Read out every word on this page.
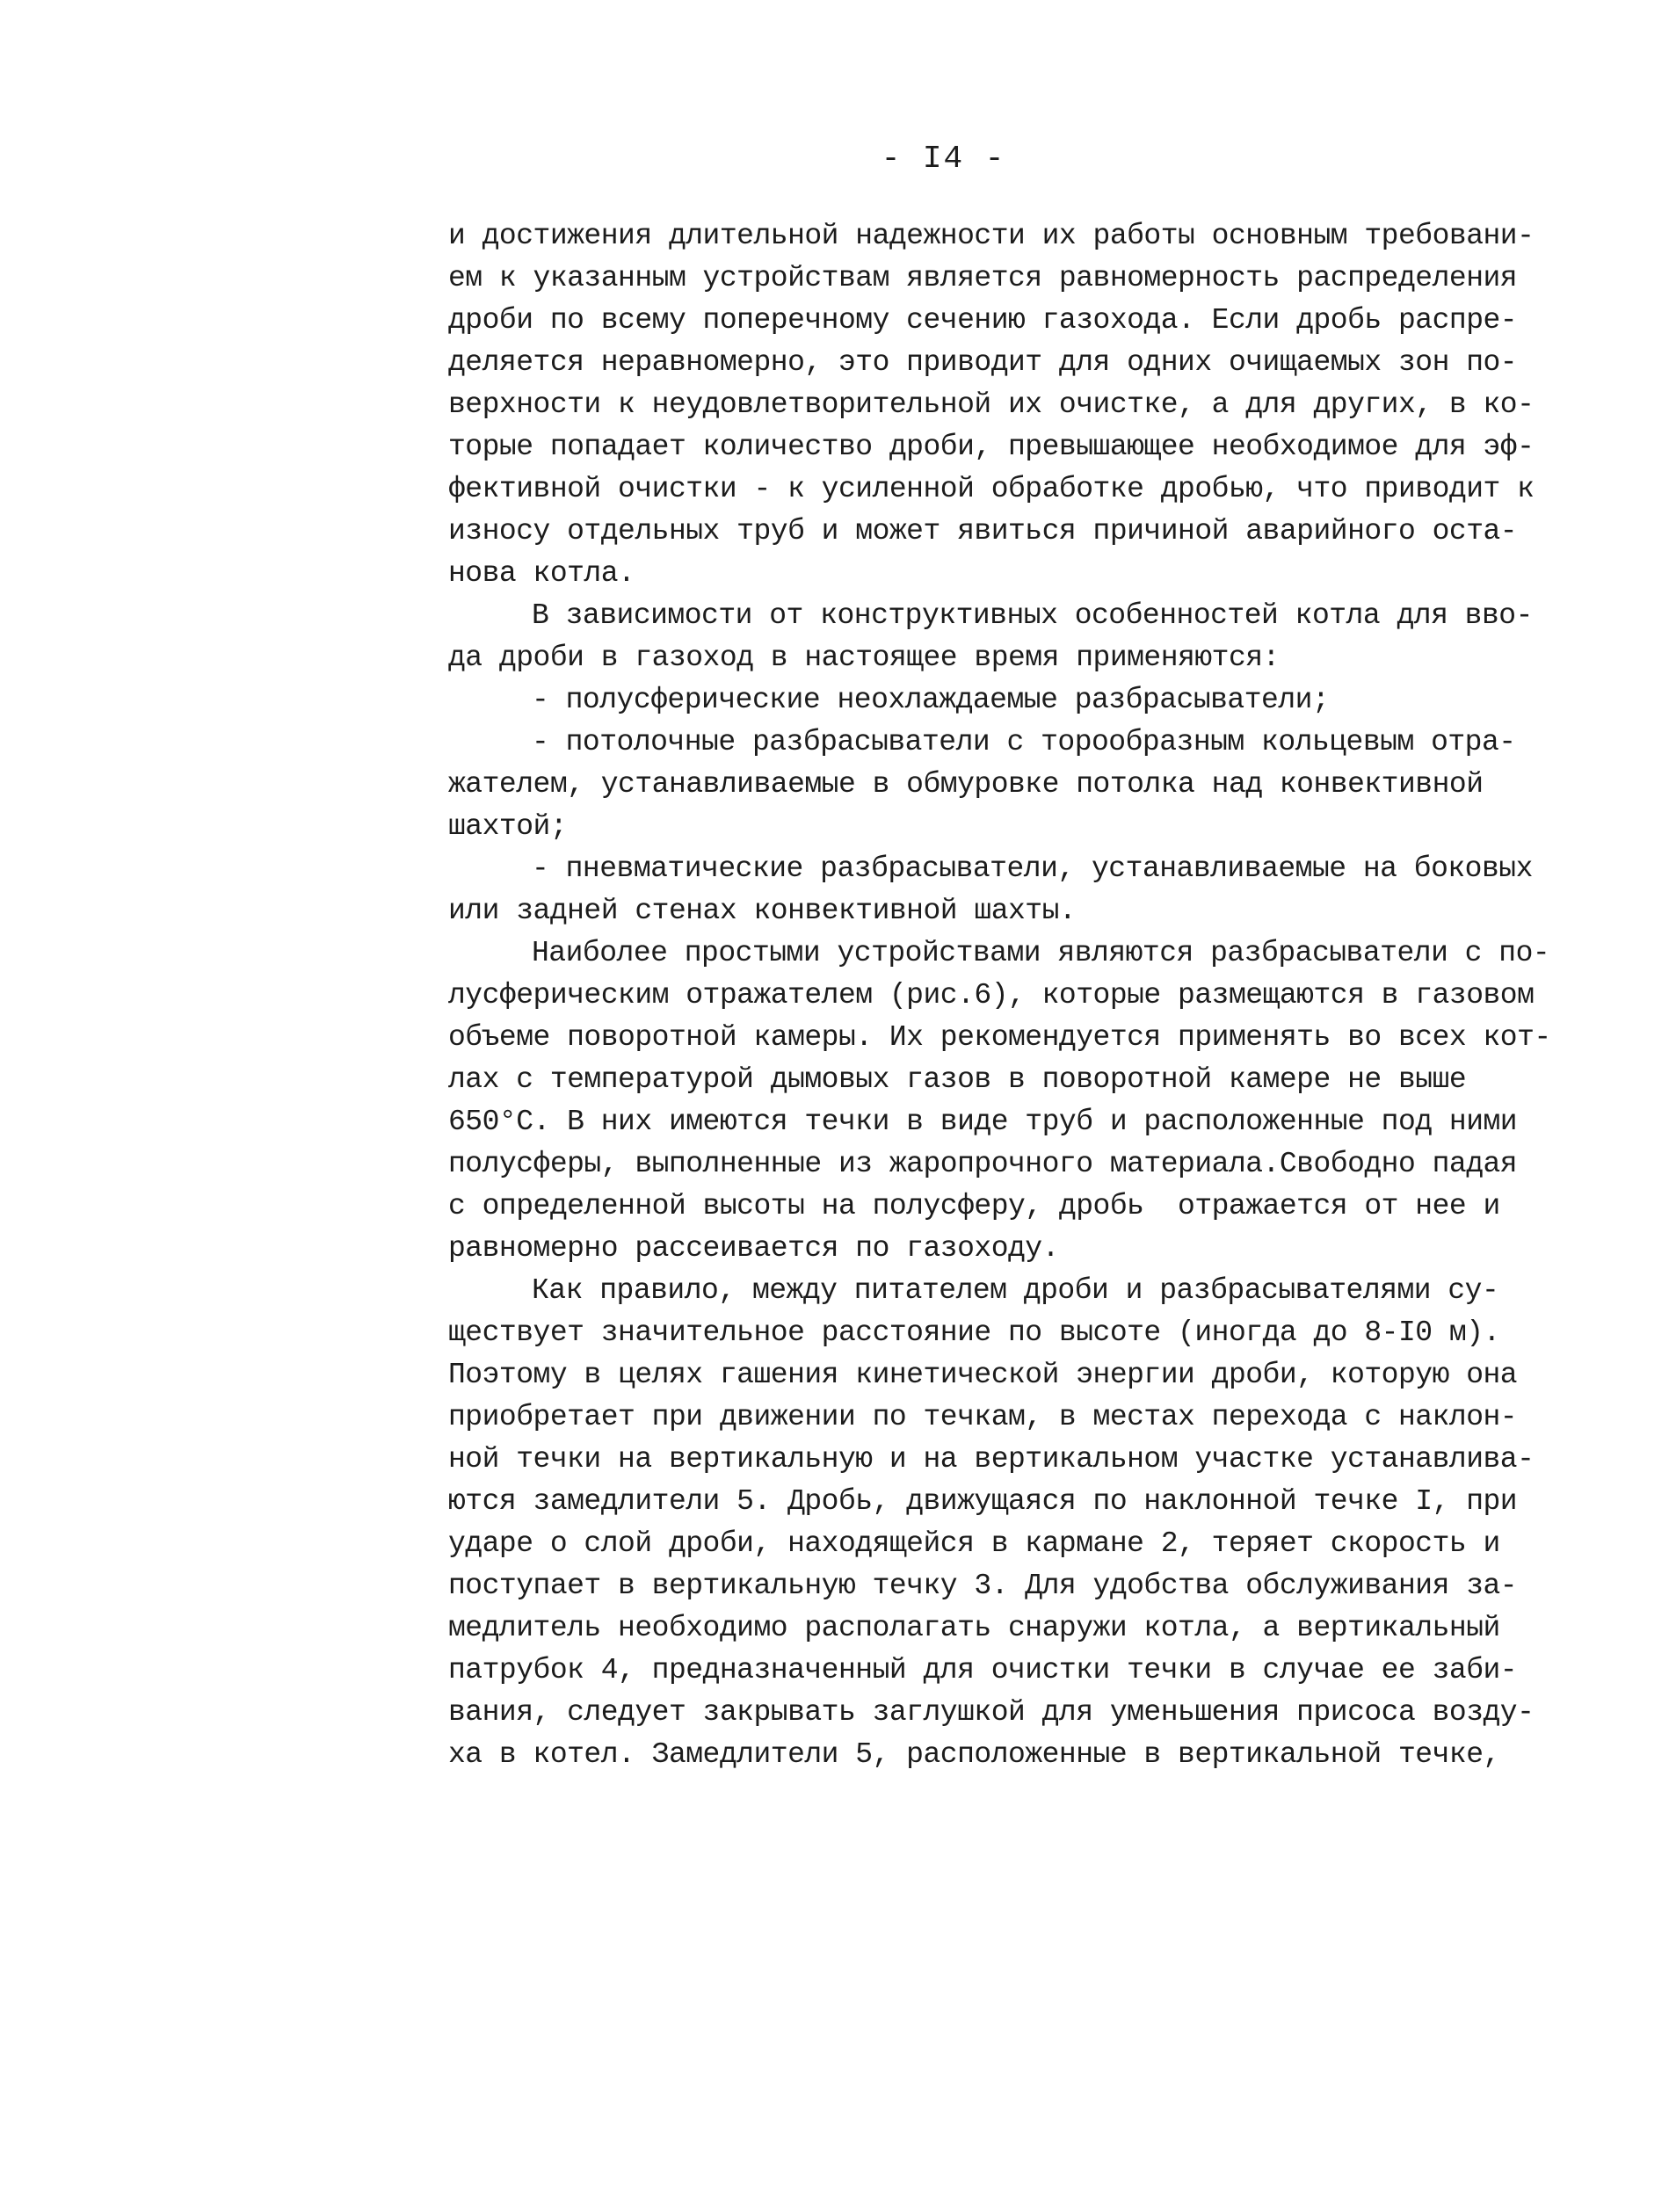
- I4 -
и достижения длительной надежности их работы основным требовани-
ем к указанным устройствам является равномерность распределения
дроби по всему поперечному сечению газохода. Если дробь распре-
деляется неравномерно, это приводит для одних очищаемых зон по-
верхности к неудовлетворительной их очистке, а для других, в ко-
торые попадает количество дроби, превышающее необходимое для эф-
фективной очистки - к усиленной обработке дробью, что приводит к
износу отдельных труб и может явиться причиной аварийного оста-
нова котла.
В зависимости от конструктивных особенностей котла для вво-
да дроби в газоход в настоящее время применяются:
- полусферические неохлаждаемые разбрасыватели;
- потолочные разбрасыватели с торообразным кольцевым отра-
жателем, устанавливаемые в обмуровке потолка над конвективной
шахтой;
- пневматические разбрасыватели, устанавливаемые на боковых
или задней стенах конвективной шахты.
Наиболее простыми устройствами являются разбрасыватели с по-
лусферическим отражателем (рис.6), которые размещаются в газовом
объеме поворотной камеры. Их рекомендуется применять во всех кот-
лах с температурой дымовых газов в поворотной камере не выше
650°С. В них имеются течки в виде труб и расположенные под ними
полусферы, выполненные из жаропрочного материала.Свободно падая
с определенной высоты на полусферу, дробь  отражается от нее и
равномерно рассеивается по газоходу.
Как правило, между питателем дроби и разбрасывателями су-
ществует значительное расстояние по высоте (иногда до 8-I0 м).
Поэтому в целях гашения кинетической энергии дроби, которую она
приобретает при движении по течкам, в местах перехода с наклон-
ной течки на вертикальную и на вертикальном участке устанавлива-
ются замедлители 5. Дробь, движущаяся по наклонной течке I, при
ударе о слой дроби, находящейся в кармане 2, теряет скорость и
поступает в вертикальную течку 3. Для удобства обслуживания за-
медлитель необходимо располагать снаружи котла, а вертикальный
патрубок 4, предназначенный для очистки течки в случае ее заби-
вания, следует закрывать заглушкой для уменьшения присоса возду-
ха в котел. Замедлители 5, расположенные в вертикальной течке,
